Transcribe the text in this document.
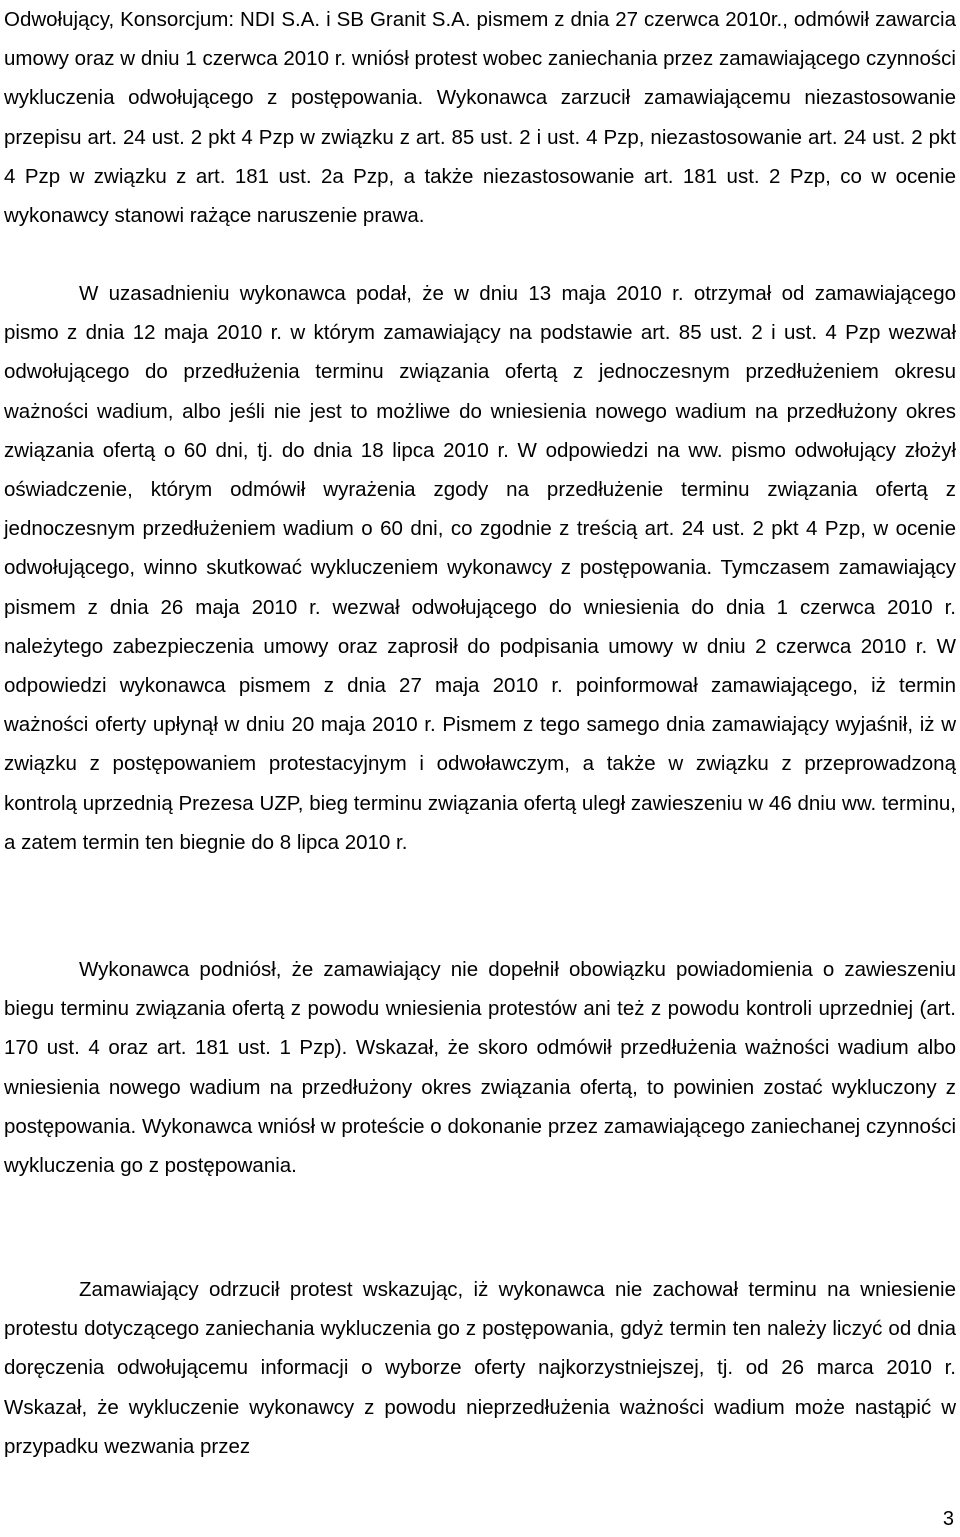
Odwołujący, Konsorcjum: NDI S.A. i SB Granit S.A. pismem z dnia 27 czerwca 2010r., odmówił zawarcia umowy oraz w dniu 1 czerwca 2010 r. wniósł protest wobec zaniechania przez zamawiającego czynności wykluczenia odwołującego z postępowania. Wykonawca zarzucił zamawiającemu niezastosowanie przepisu art. 24 ust. 2 pkt 4 Pzp w związku z art. 85 ust. 2 i ust. 4 Pzp, niezastosowanie art. 24 ust. 2 pkt 4 Pzp w związku z art. 181 ust. 2a Pzp, a także niezastosowanie art. 181 ust. 2 Pzp, co w ocenie wykonawcy stanowi rażące naruszenie prawa.

W uzasadnieniu wykonawca podał, że w dniu 13 maja 2010 r. otrzymał od zamawiającego pismo z dnia 12 maja 2010 r. w którym zamawiający na podstawie art. 85 ust. 2 i ust. 4 Pzp wezwał odwołującego do przedłużenia terminu związania ofertą z jednoczesnym przedłużeniem okresu ważności wadium, albo jeśli nie jest to możliwe do wniesienia nowego wadium na przedłużony okres związania ofertą o 60 dni, tj. do dnia 18 lipca 2010 r. W odpowiedzi na ww. pismo odwołujący złożył oświadczenie, którym odmówił wyrażenia zgody na przedłużenie terminu związania ofertą z jednoczesnym przedłużeniem wadium o 60 dni, co zgodnie z treścią art. 24 ust. 2 pkt 4 Pzp, w ocenie odwołującego, winno skutkować wykluczeniem wykonawcy z postępowania. Tymczasem zamawiający pismem z dnia 26 maja 2010 r. wezwał odwołującego do wniesienia do dnia 1 czerwca 2010 r. należytego zabezpieczenia umowy oraz zaprosił do podpisania umowy w dniu 2 czerwca 2010 r. W odpowiedzi wykonawca pismem z dnia 27 maja 2010 r. poinformował zamawiającego, iż termin ważności oferty upłynął w dniu 20 maja 2010 r. Pismem z tego samego dnia zamawiający wyjaśnił, iż w związku z postępowaniem protestacyjnym i odwoławczym, a także w związku z przeprowadzoną kontrolą uprzednią Prezesa UZP, bieg terminu związania ofertą uległ zawieszeniu w 46 dniu ww. terminu, a zatem termin ten biegnie do 8 lipca 2010 r.

Wykonawca podniósł, że zamawiający nie dopełnił obowiązku powiadomienia o zawieszeniu biegu terminu związania ofertą z powodu wniesienia protestów ani też z powodu kontroli uprzedniej (art. 170 ust. 4 oraz art. 181 ust. 1 Pzp). Wskazał, że skoro odmówił przedłużenia ważności wadium albo wniesienia nowego wadium na przedłużony okres związania ofertą, to powinien zostać wykluczony z postępowania. Wykonawca wniósł w proteście o dokonanie przez zamawiającego zaniechanej czynności wykluczenia go z postępowania.

Zamawiający odrzucił protest wskazując, iż wykonawca nie zachował terminu na wniesienie protestu dotyczącego zaniechania wykluczenia go z postępowania, gdyż termin ten należy liczyć od dnia doręczenia odwołującemu informacji o wyborze oferty najkorzystniejszej, tj. od 26 marca 2010 r. Wskazał, że wykluczenie wykonawcy z powodu nieprzedłużenia ważności wadium może nastąpić w przypadku wezwania przez

3
